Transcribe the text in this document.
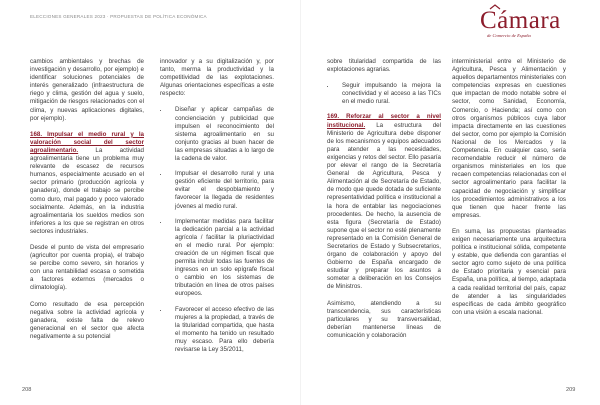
ELECCIONES GENERALES 2023 · PROPUESTAS DE POLÍTICA ECONÓMICA	Cámara
de Comercio de España

cambios ambientales y brechas de investigación y desarrollo, por ejemplo) e identificar soluciones potenciales de interés generalizado (infraestructura de riego y clima, gestión del agua y suelo, mitigación de riesgos relacionados con el clima, y nuevas aplicaciones digitales, por ejemplo).

168. Impulsar el medio rural y la valoración social del sector agroalimentario. La actividad agroalimentaria tiene un problema muy relevante de escasez de recursos humanos, especialmente acusado en el sector primario (producción agrícola y ganadera), donde el trabajo se percibe como duro, mal pagado y poco valorado socialmente. Además, en la industria agroalimentaria los sueldos medios son inferiores a los que se registran en otros sectores industriales.

Desde el punto de vista del empresario (agricultor por cuenta propia), el trabajo se percibe como severo, sin horarios y con una rentabilidad escasa o sometida a factores externos (mercados o climatología).

Como resultado de esa percepción negativa sobre la actividad agrícola y ganadera, existe falta de relevo generacional en el sector que afecta negativamente a su potencial

innovador y a su digitalización y, por tanto, merma la productividad y la competitividad de las explotaciones. Algunas orientaciones específicas a este respecto:

• Diseñar y aplicar campañas de concienciación y publicidad que impulsen el reconocimiento del sistema agroalimentario en su conjunto gracias al buen hacer de las empresas situadas a lo largo de la cadena de valor.
• Impulsar el desarrollo rural y una gestión eficiente del territorio, para evitar el despoblamiento y favorecer la llegada de residentes jóvenes al medio rural.
• Implementar medidas para facilitar la dedicación parcial a la actividad agrícola / facilitar la pluriactividad en el medio rural. Por ejemplo: creación de un régimen fiscal que permita incluir todas las fuentes de ingresos en un solo epígrafe fiscal o cambio en los sistemas de tributación en línea de otros países europeos.
• Favorecer el acceso efectivo de las mujeres a la propiedad, a través de la titularidad compartida, que hasta el momento ha tenido un resultado muy escaso. Para ello debería revisarse la Ley 35/2011,

sobre titularidad compartida de las explotaciones agrarias.

• Seguir impulsando la mejora la conectividad y el acceso a las TICs en el medio rural.

169. Reforzar al sector a nivel institucional. La estructura del Ministerio de Agricultura debe disponer de los mecanismos y equipos adecuados para atender a las necesidades, exigencias y retos del sector. Ello pasaría por elevar el rango de la Secretaría General de Agricultura, Pesca y Alimentación al de Secretaría de Estado, de modo que quede dotada de suficiente representatividad política e institucional a la hora de entablar las negociaciones procedentes. De hecho, la ausencia de esta figura (Secretaría de Estado) supone que el sector no esté plenamente representado en la Comisión General de Secretarios de Estado y Subsecretarios, órgano de colaboración y apoyo del Gobierno de España encargado de estudiar y preparar los asuntos a someter a deliberación en los Consejos de Ministros.

Asimismo, atendiendo a su transcendencia, sus características particulares y su transversalidad, deberían mantenerse líneas de comunicación y colaboración

interministerial entre el Ministerio de Agricultura, Pesca y Alimentación y aquellos departamentos ministeriales con competencias expresas en cuestiones que impactan de modo notable sobre el sector, como Sanidad, Economía, Comercio, o Hacienda; así como con otros organismos públicos cuya labor impacta directamente en las cuestiones del sector, como por ejemplo la Comisión Nacional de los Mercados y la Competencia. En cualquier caso, sería recomendable reducir el número de organismos ministeriales en los que recaen competencias relacionadas con el sector agroalimentario para facilitar la capacidad de negociación y simplificar los procedimientos administrativos a los que tienen que hacer frente las empresas.

En suma, las propuestas planteadas exigen necesariamente una arquitectura política e institucional sólida, competente y estable, que defienda con garantías el sector agro como sujeto de una política de Estado prioritaria y esencial para España, una política, al tiempo, adaptada a cada realidad territorial del país, capaz de atender a las singularidades específicas de cada ámbito geográfico con una visión a escala nacional.

208	209
